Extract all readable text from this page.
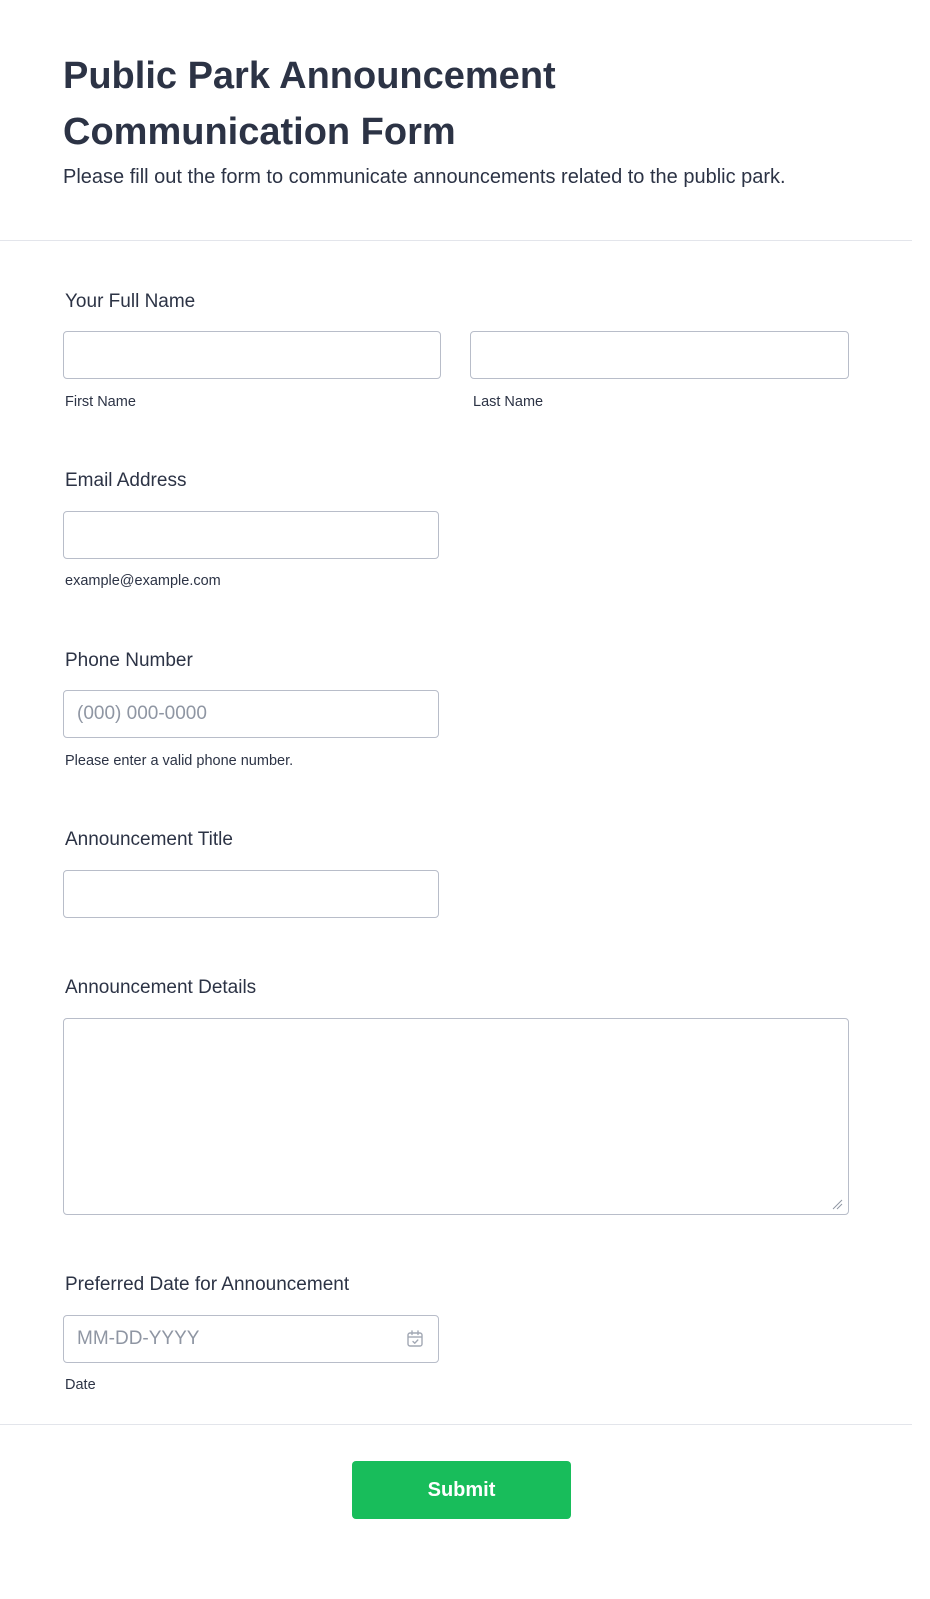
Public Park Announcement Communication Form

Please fill out the form to communicate announcements related to the public park.

Your Full Name
First Name	Last Name
Email Address
example@example.com
Phone Number
(000) 000-0000
Please enter a valid phone number.
Announcement Title
Announcement Details
Preferred Date for Announcement
MM-DD-YYYY
Date
Submit
